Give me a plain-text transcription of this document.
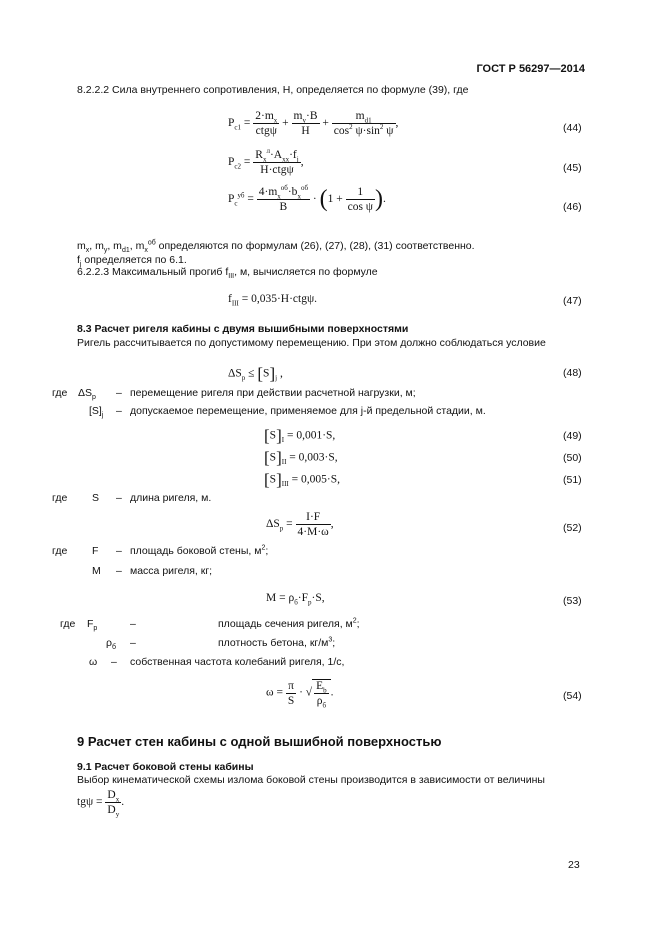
ГОСТ Р 56297—2014
8.2.2.2 Сила внутреннего сопротивления, Н, определяется по формуле (39), где
$P_{c1} = \frac{2\cdot m_x}{\text{ctgψ}} + \frac{m_y\cdot B}{H} + \frac{m_{d1}}{\cos^2 \psi\cdot\sin^2 \psi}$ ,	(44)
$P_{c2} = \frac{R_x^л\cdot A_{xx}\cdot f_j}{\text{H·ctgψ}}$ ,	(45)
$P_c^{уб} = \frac{4\cdot m_x^{об}\cdot b_x^{об}}{B} \cdot (1 + \frac{1}{\text{cos ψ}}$ ).
(46)
$m_x$, $m_y$, $m_{d1}$, $m_x^{об}$ определяются по формулам (26), (27), (28), (31) соответственно.
$f_j$ определяется по 6.1.
6.2.2.3 Максимальный прогиб $f_{III}$, м, вычисляется по формуле
$f_{III} = 0,035\cdot H\cdot ctg\psi$.	(47)
8.3 Расчет ригеля кабины с двумя вышибными поверхностями
Ригель рассчитывается по допустимому перемещению. При этом должно соблюдаться условие
$\Delta S_p \le [S]_j$ ,	(48)
где $\Delta S_p$ – перемещение ригеля при действии расчетной нагрузки, м;
$[S]_j$ – допускаемое перемещение, применяемое для j-й предельной стадии, м.
$[S]_I = 0,001\cdot S$,	(49)
$[S]_{II} = 0,003\cdot S$,	(50)
$[S]_{III} = 0,005\cdot S$,	(51)
где S – длина ригеля, м.
$\Delta S_p = \frac{I\cdot F}{4\cdot M\cdot\omega}$ ,	(52)
где F – площадь боковой стены, $м^2$;
M – масса ригеля, кг;
$M = \rho_б\cdot F_p\cdot S$,	(53)
где $F_p$	–	площадь сечения ригеля, $м^2$;
$\rho_б$ –	плотность бетона, $кг/м^3$;
ω – собственная частота колебаний ригеля, 1/с,
$\omega = \frac{\pi}{S}$ · √ $\frac{E_b}{\rho_б}$ .	(54)
9 Расчет стен кабины с одной вышибной поверхностью
9.1 Расчет боковой стены кабины
Выбор кинематической схемы излома боковой стены производится в зависимости от величины
$tg\psi = \frac{D_x}{D_y}$ .
23
